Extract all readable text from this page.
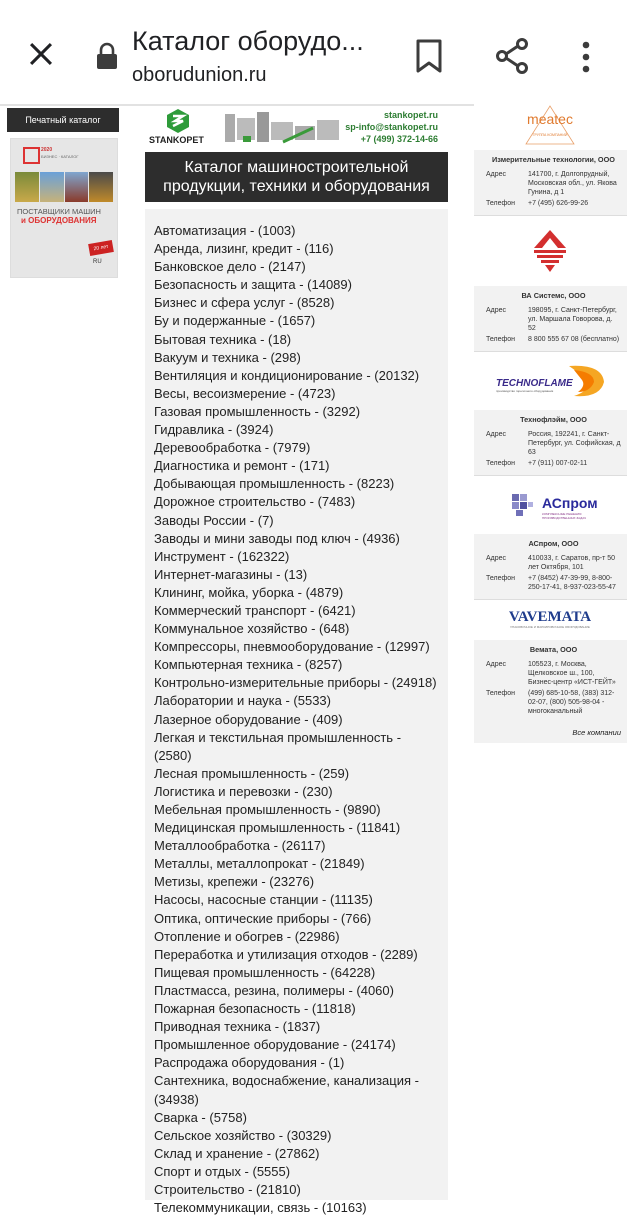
Каталог оборудо...
oborudunion.ru
Печатный каталог
2020
БИЗНЕС · КАТАЛОГ
ПОСТАВЩИКИ МАШИН
и ОБОРУДОВАНИЯ
20 лет
RU
STANKOPET
stankopet.ru
sp-info@stankopet.ru
+7 (499) 372-14-66
Каталог машиностроительной продукции, техники и оборудования
Автоматизация - (1003)
Аренда, лизинг, кредит - (116)
Банковское дело - (2147)
Безопасность и защита - (14089)
Бизнес и сфера услуг - (8528)
Бу и подержанные - (1657)
Бытовая техника - (18)
Вакуум и техника - (298)
Вентиляция и кондиционирование - (20132)
Весы, весоизмерение - (4723)
Газовая промышленность - (3292)
Гидравлика - (3924)
Деревообработка - (7979)
Диагностика и ремонт - (171)
Добывающая промышленность - (8223)
Дорожное строительство - (7483)
Заводы России - (7)
Заводы и мини заводы под ключ - (4936)
Инструмент - (162322)
Интернет-магазины - (13)
Клининг, мойка, уборка - (4879)
Коммерческий транспорт - (6421)
Коммунальное хозяйство - (648)
Компрессоры, пневмооборудование - (12997)
Компьютерная техника - (8257)
Контрольно-измерительные приборы - (24918)
Лаборатории и наука - (5533)
Лазерное оборудование - (409)
Легкая и текстильная промышленность - (2580)
Лесная промышленность - (259)
Логистика и перевозки - (230)
Мебельная промышленность - (9890)
Медицинская промышленность - (11841)
Металлообработка - (26117)
Металлы, металлопрокат - (21849)
Метизы, крепежи - (23276)
Насосы, насосные станции - (11135)
Оптика, оптические приборы - (766)
Отопление и обогрев - (22986)
Переработка и утилизация отходов - (2289)
Пищевая промышленность - (64228)
Пластмасса, резина, полимеры - (4060)
Пожарная безопасность - (11818)
Приводная техника - (1837)
Промышленное оборудование - (24174)
Распродажа оборудования - (1)
Сантехника, водоснабжение, канализация - (34938)
Сварка - (5758)
Сельское хозяйство - (30329)
Склад и хранение - (27862)
Спорт и отдых - (5555)
Строительство - (21810)
Телекоммуникации, связь - (10163)
meatec
ГРУППА КОМПАНИЙ
Измерительные технологии, ООО
Адрес	141700, г. Долгопрудный, Московская обл., ул. Якова Гунина, д 1
Телефон	+7 (495) 626-99-26
ВА Системс, ООО
Адрес	198095, г. Санкт-Петербург, ул. Маршала Говорова, д. 52
Телефон	8 800 555 67 08 (бесплатно)
TECHNOFLAME
производство горелочного оборудования
Технофлэйм, ООО
Адрес	Россия, 192241, г. Санкт-Петербург, ул. Софийская, д 63
Телефон	+7 (911) 007-02-11
АСпром
КОМПЛЕКСНЫЕ РЕШЕНИЯ
ПРОИЗВОДСТВЕННЫХ ЗАДАЧ
АСпром, ООО
Адрес	410033, г. Саратов, пр-т 50 лет Октября, 101
Телефон	+7 (8452) 47-39-99, 8-800-250-17-41, 8-937-023-55-47
VAVEMATA
УПАКОВОЧНОЕ И МАРКИРОВОЧНОЕ ОБОРУДОВАНИЕ
Вемата, ООО
Адрес	105523, г. Москва, Щелковское ш., 100, Бизнес-центр «ИСТ-ГЕЙТ»
Телефон	(499) 685-10-58, (383) 312-02-07, (800) 505-98-04 - многоканальный
Все компании
